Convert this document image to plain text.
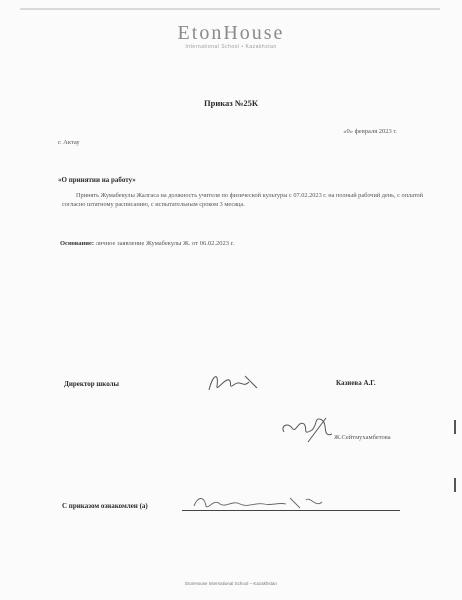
EtonHouse
International School • Kazakhstan
Приказ №25К
г. Актау
«0» февраля 2023 г.
«О принятии на работу»
Принять Жумабекулы Жалгаса на должность учителя по физической культуры с 07.02.2023 г. на полный рабочий день, с оплатой согласно штатному расписанию, с испытательным сроком 3 месяца.
Основание: личное заявление Жумабекулы Ж. от 06.02.2023 г.
Директор школы	Казиева А.Г.
Ж.Сейтмухамбетова
С приказом ознакомлен (а)
EtonHouse International School – Kazakhstan
